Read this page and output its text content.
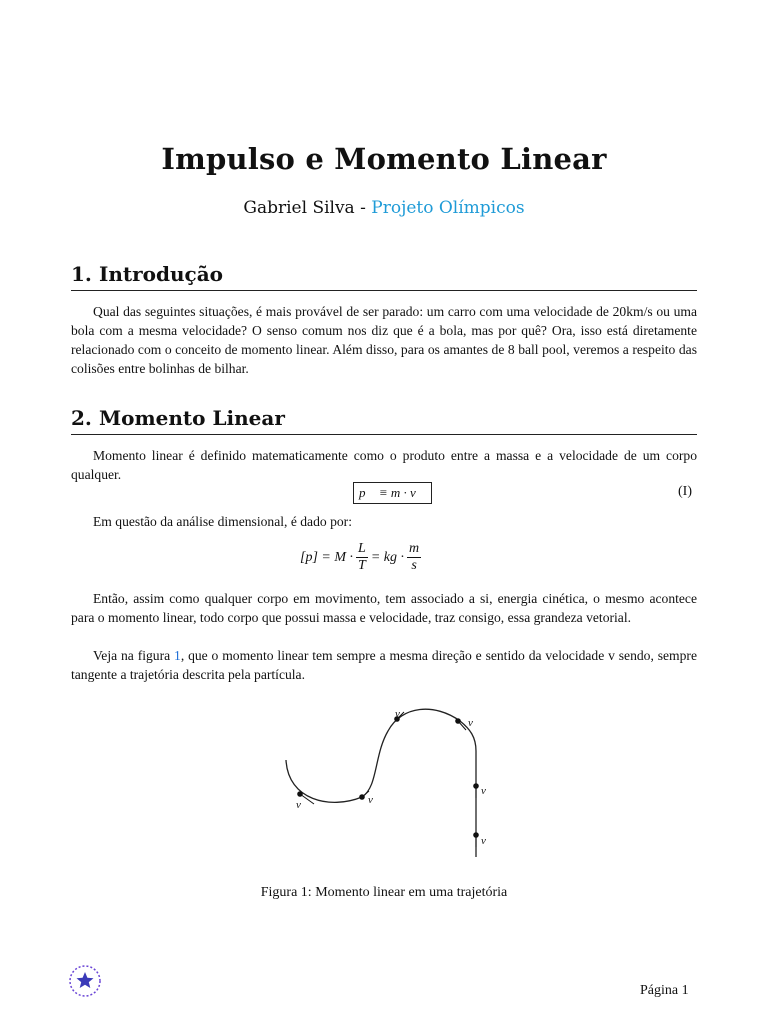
Impulso e Momento Linear
Gabriel Silva - Projeto Olímpicos
1. Introdução
Qual das seguintes situações, é mais provável de ser parado: um carro com uma velocidade de 20km/s ou uma bola com a mesma velocidade? O senso comum nos diz que é a bola, mas por quê? Ora, isso está diretamente relacionado com o conceito de momento linear. Além disso, para os amantes de 8 ball pool, veremos a respeito das colisões entre bolinhas de bilhar.
2. Momento Linear
Momento linear é definido matematicamente como o produto entre a massa e a velocidade de um corpo qualquer.
p⃗ ≡ m · v⃗	(I)
Em questão da análise dimensional, é dado por:
$[p] = M \cdot \frac{L}{T}$ = kg · $\frac{m}{s}$
Então, assim como qualquer corpo em movimento, tem associado a si, energia cinética, o mesmo acontece para o momento linear, todo corpo que possui massa e velocidade, traz consigo, essa grandeza vetorial.
Veja na figura 1, que o momento linear tem sempre a mesma direção e sentido da velocidade v sendo, sempre tangente a trajetória descrita pela partícula.
v	v
v
v
v
v
Figura 1: Momento linear em uma trajetória
Página 1
